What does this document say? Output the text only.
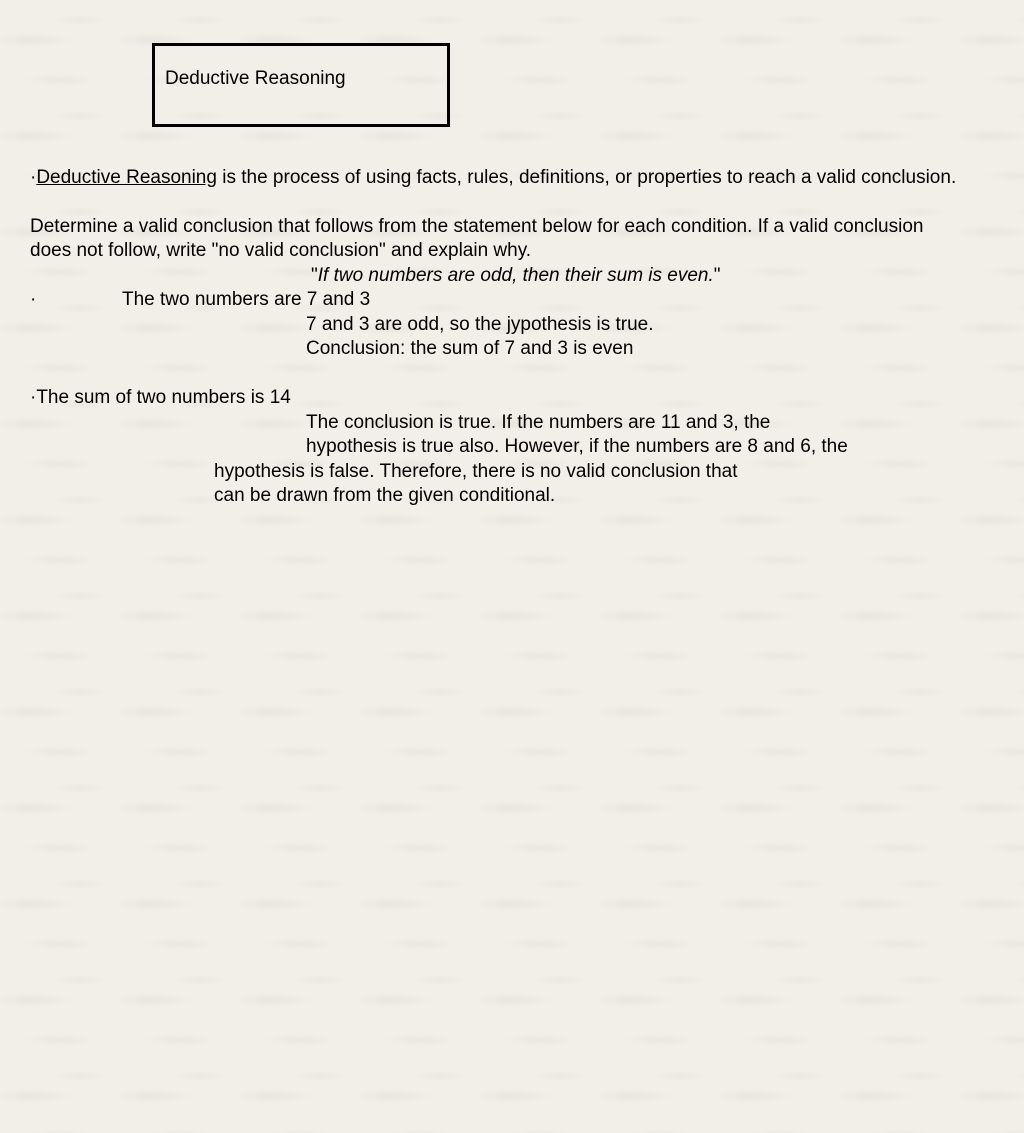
Deductive Reasoning
·Deductive Reasoning is the process of using facts, rules, definitions, or properties to reach a valid conclusion.
Determine a valid conclusion that follows from the statement below for each condition. If a valid conclusion
does not follow, write "no valid conclusion" and explain why.
"If two numbers are odd, then their sum is even."
·	The two numbers are 7 and 3
7 and 3 are odd, so the jypothesis is true.
Conclusion: the sum of 7 and 3 is even
·The sum of two numbers is 14
The conclusion is true. If the numbers are 11 and 3, the
hypothesis is true also. However, if the numbers are 8 and 6, the
hypothesis is false. Therefore, there is no valid conclusion that
can be drawn from the given conditional.
